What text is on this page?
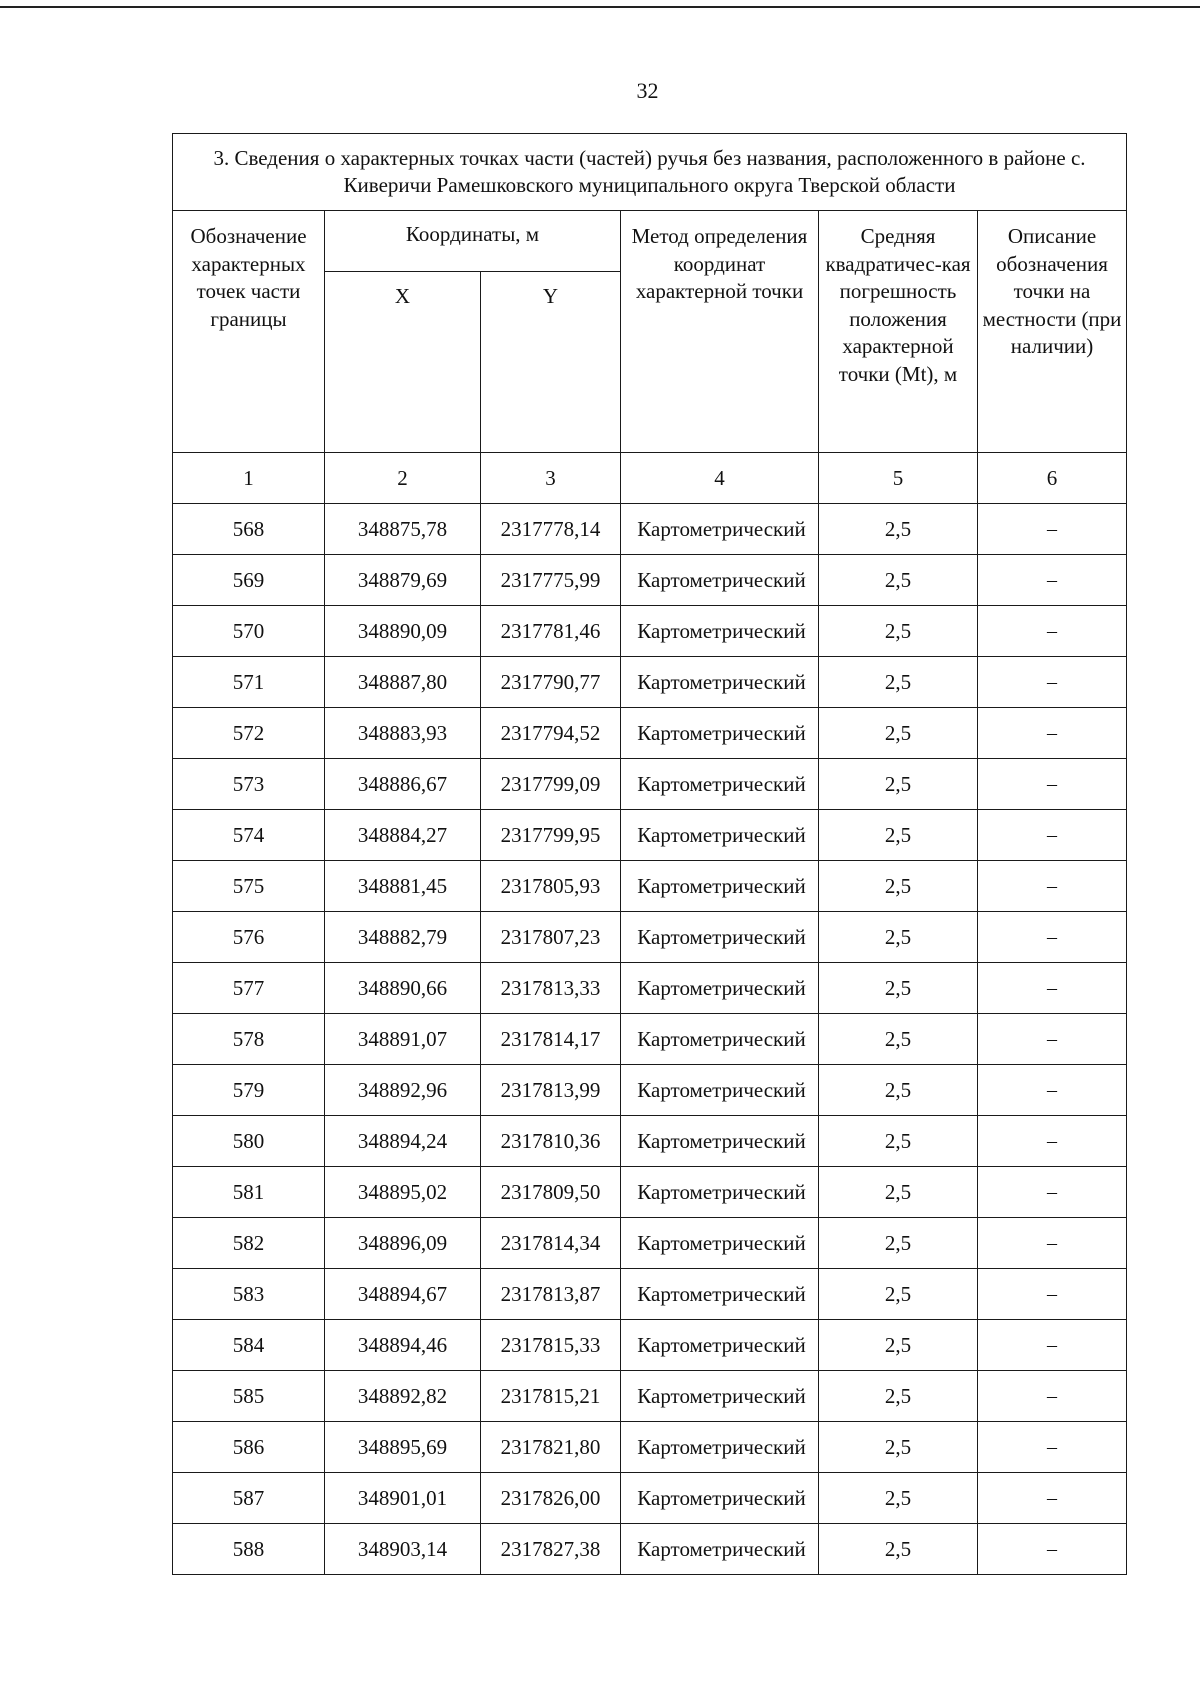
32
3. Сведения о характерных точках части (частей) ручья без названия, расположенного в районе с. Киверичи Рамешковского муниципального округа Тверской области					
Обозначение характерных точек части границы	Координаты, м		Метод определения координат характерной точки	Средняя квадратичес-кая погрешность положения характерной точки (Mt), м	Описание обозначения точки на местности (при наличии)
	X	Y			
1	2	3	4	5	6
568	348875,78	2317778,14	Картометрический	2,5	–
569	348879,69	2317775,99	Картометрический	2,5	–
570	348890,09	2317781,46	Картометрический	2,5	–
571	348887,80	2317790,77	Картометрический	2,5	–
572	348883,93	2317794,52	Картометрический	2,5	–
573	348886,67	2317799,09	Картометрический	2,5	–
574	348884,27	2317799,95	Картометрический	2,5	–
575	348881,45	2317805,93	Картометрический	2,5	–
576	348882,79	2317807,23	Картометрический	2,5	–
577	348890,66	2317813,33	Картометрический	2,5	–
578	348891,07	2317814,17	Картометрический	2,5	–
579	348892,96	2317813,99	Картометрический	2,5	–
580	348894,24	2317810,36	Картометрический	2,5	–
581	348895,02	2317809,50	Картометрический	2,5	–
582	348896,09	2317814,34	Картометрический	2,5	–
583	348894,67	2317813,87	Картометрический	2,5	–
584	348894,46	2317815,33	Картометрический	2,5	–
585	348892,82	2317815,21	Картометрический	2,5	–
586	348895,69	2317821,80	Картометрический	2,5	–
587	348901,01	2317826,00	Картометрический	2,5	–
588	348903,14	2317827,38	Картометрический	2,5	–
